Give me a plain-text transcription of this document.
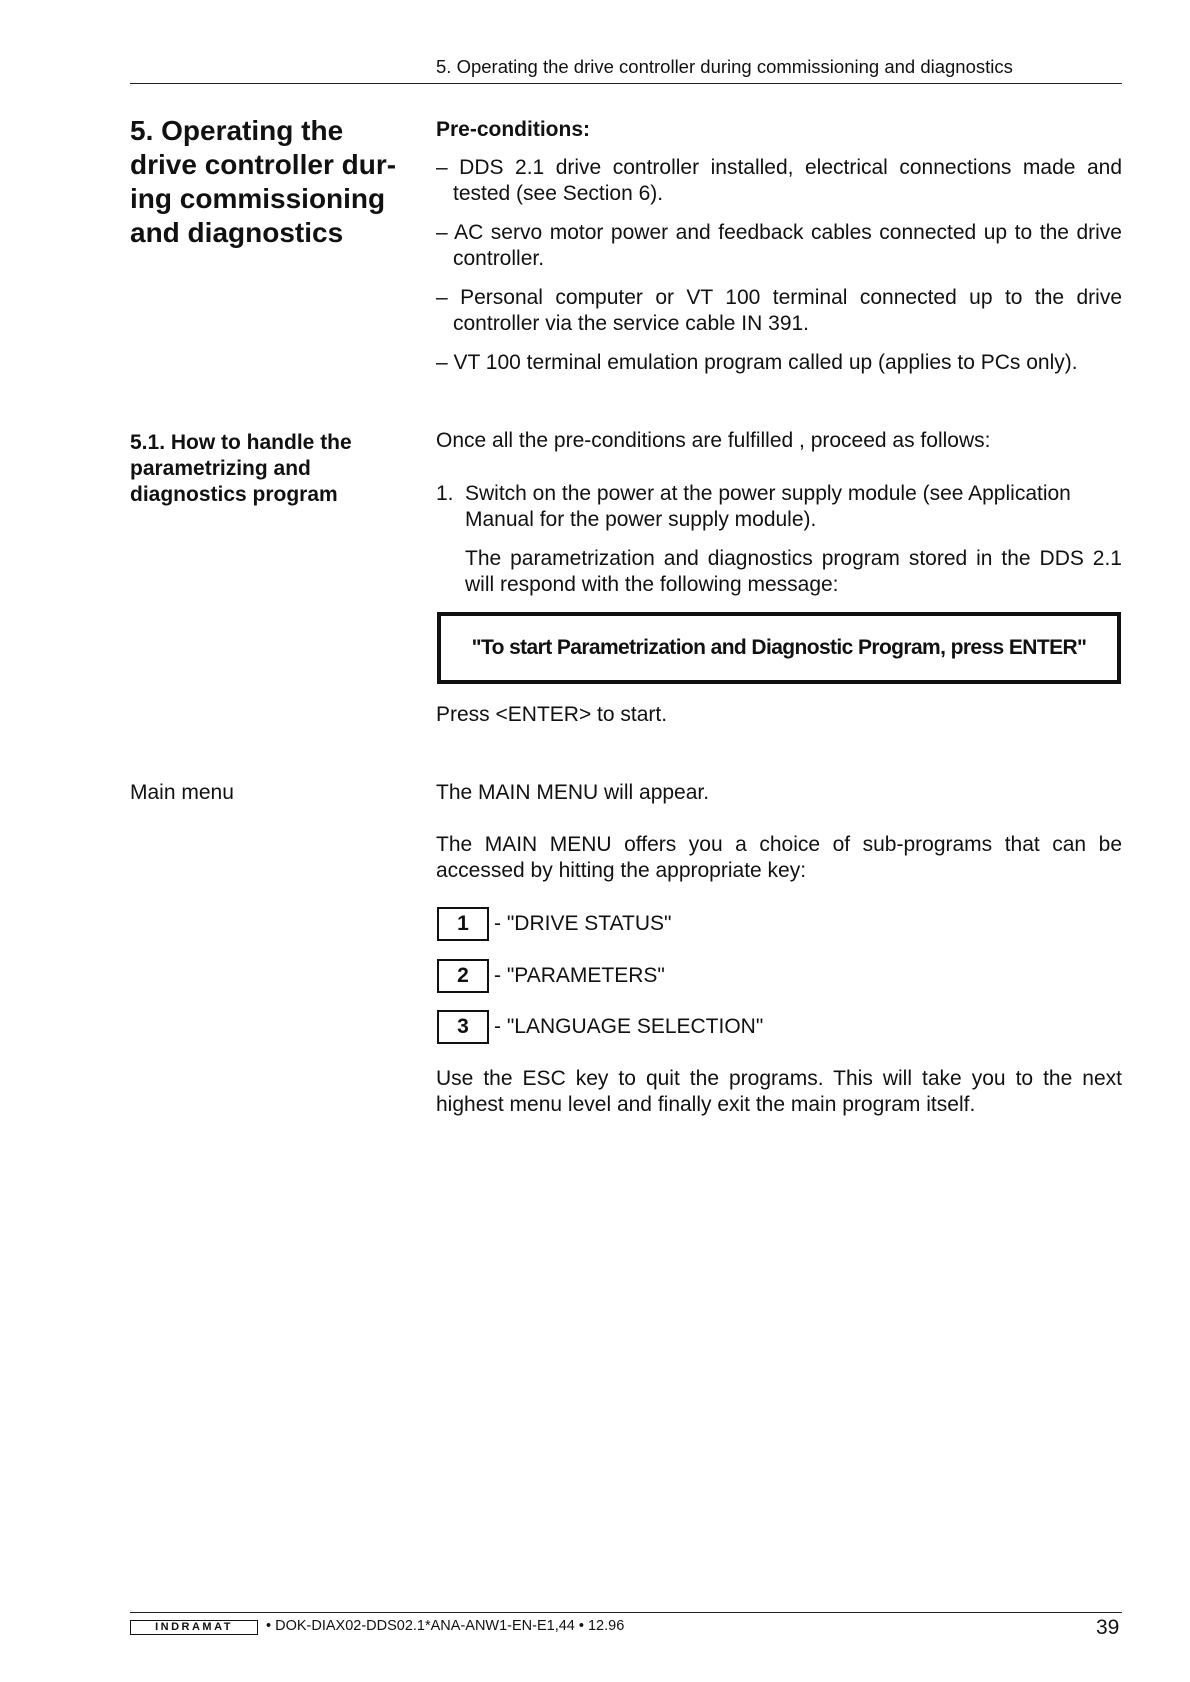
5. Operating the drive controller during commissioning and diagnostics
5. Operating the drive controller dur-ing commissioning and diagnostics
5.1. How to handle the parametrizing and diagnostics program
Main menu
Pre-conditions:
– DDS 2.1 drive controller installed, electrical connections made and tested (see Section 6).
– AC servo motor power and feedback cables connected up to the drive controller.
– Personal computer or VT 100 terminal connected up to the drive controller via the service cable IN 391.
– VT 100 terminal emulation program called up (applies to PCs only).
Once all the pre-conditions are fulfilled , proceed as follows:
1. Switch on the power at the power supply module (see Application Manual for the power supply module).
The parametrization and diagnostics program stored in the DDS 2.1 will respond with the following message:
"To start Parametrization and Diagnostic Program, press ENTER"
Press <ENTER> to start.
The MAIN MENU will appear.
The MAIN MENU offers you a choice of sub-programs that can be accessed by hitting the appropriate key:
1	- "DRIVE STATUS"
2	- "PARAMETERS"
3	- "LANGUAGE SELECTION"
Use the ESC key to quit the programs. This will take you to the next highest menu level and finally exit the main program itself.
INDRAMAT • DOK-DIAX02-DDS02.1*ANA-ANW1-EN-E1,44 • 12.96	39
